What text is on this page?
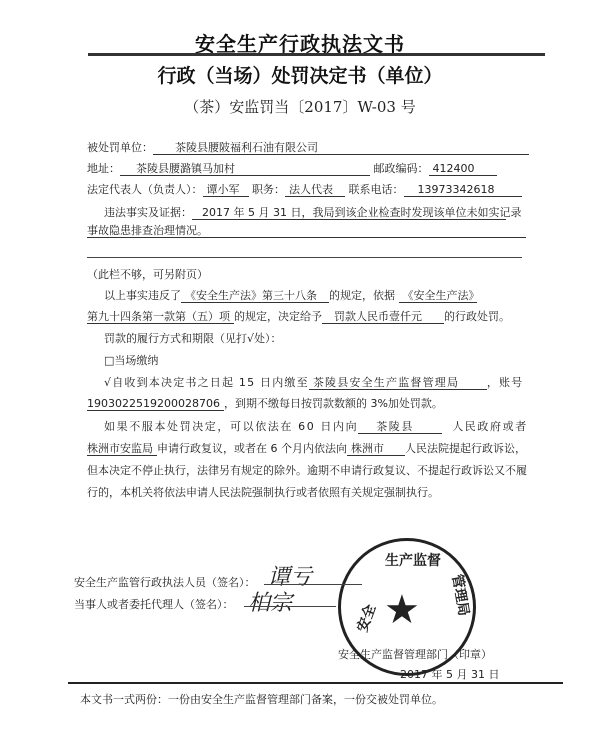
安全生产行政执法文书
行政（当场）处罚决定书（单位）
（茶）安监罚当〔2017〕W-03 号
被处罚单位： 茶陵县腰陂福利石油有限公司
地址： 茶陵县腰潞镇马加村	邮政编码： 412400
法定代表人（负责人）： 谭小军 职务： 法人代表 联系电话： 13973342618
违法事实及证据： 2017 年 5 月 31 日，我局到该企业检查时发现该单位未如实记录
事故隐患排查治理情况。
（此栏不够，可另附页）
以上事实违反了 《安全生产法》第三十八条 的规定，依据 《安全生产法》
第九十四条第一款第（五）项 的规定，决定给予 罚款人民币壹仟元 的行政处罚。
罚款的履行方式和期限（见打√处）：
□当场缴纳
√自收到本决定书之日起 15 日内缴至 茶陵县安全生产监督管理局	，账号
190302251920002870​6 ，到期不缴每日按罚款数额的 3%加处罚款。
如果不服本处罚决定，可以依法在 60 日内向 茶陵县	人民政府或者
株洲市安监局 申请行政复议，或者在 6 个月内依法向 株洲市 人民法院提起行政诉讼，
但本决定不停止执行，法律另有规定的除外。逾期不申请行政复议、不提起行政诉讼又不履
行的，本机关将依法申请人民法院强制执行或者依照有关规定强制执行。
★
安全
生产监督
管理局
安全生产监管行政执法人员（签名）： 谭亏
当事人或者委托代理人（签名）： 柏宗
安全生产监督管理部门（印章）
2017 年 5 月 31 日
本文书一式两份：一份由安全生产监督管理部门备案，一份交被处罚单位。
